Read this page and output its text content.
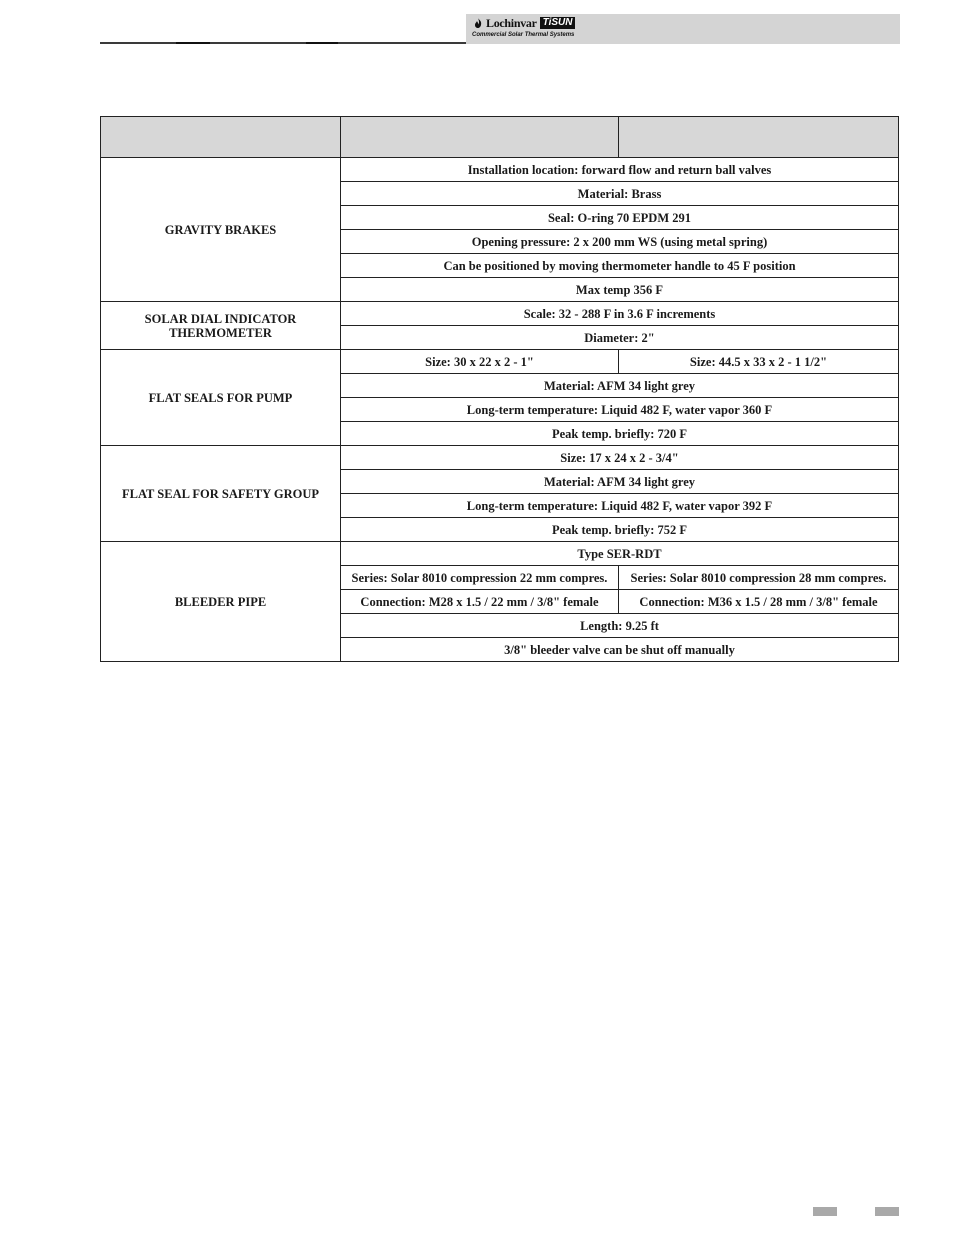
Lochinvar TiSUN
Commercial Solar Thermal Systems

GRAVITY BRAKES	Installation location: forward flow and return ball valves	
	Material: Brass	
	Seal: O-ring 70 EPDM 291	
	Opening pressure: 2 x 200 mm WS (using metal spring)	
	Can be positioned by moving thermometer handle to 45 F position	
	Max temp 356 F	
SOLAR DIAL INDICATOR
THERMOMETER	Scale: 32 - 288 F in 3.6 F increments	
	Diameter: 2"	
FLAT SEALS FOR PUMP	Size: 30 x 22 x 2 - 1"	Size: 44.5 x 33 x 2 - 1 1/2"
	Material: AFM 34 light grey	
	Long-term temperature: Liquid 482 F, water vapor 360 F	
	Peak temp. briefly: 720 F	
FLAT SEAL FOR SAFETY GROUP	Size: 17 x 24 x 2 - 3/4"	
	Material: AFM 34 light grey	
	Long-term temperature: Liquid 482 F, water vapor 392 F	
	Peak temp. briefly: 752 F	
BLEEDER PIPE	Type SER-RDT	
	Series: Solar 8010 compression 22 mm compres.	Series: Solar 8010 compression 28 mm compres.
	Connection: M28 x 1.5 / 22 mm / 3/8" female	Connection: M36 x 1.5 / 28 mm / 3/8" female
	Length: 9.25 ft	
	3/8" bleeder valve can be shut off manually	
